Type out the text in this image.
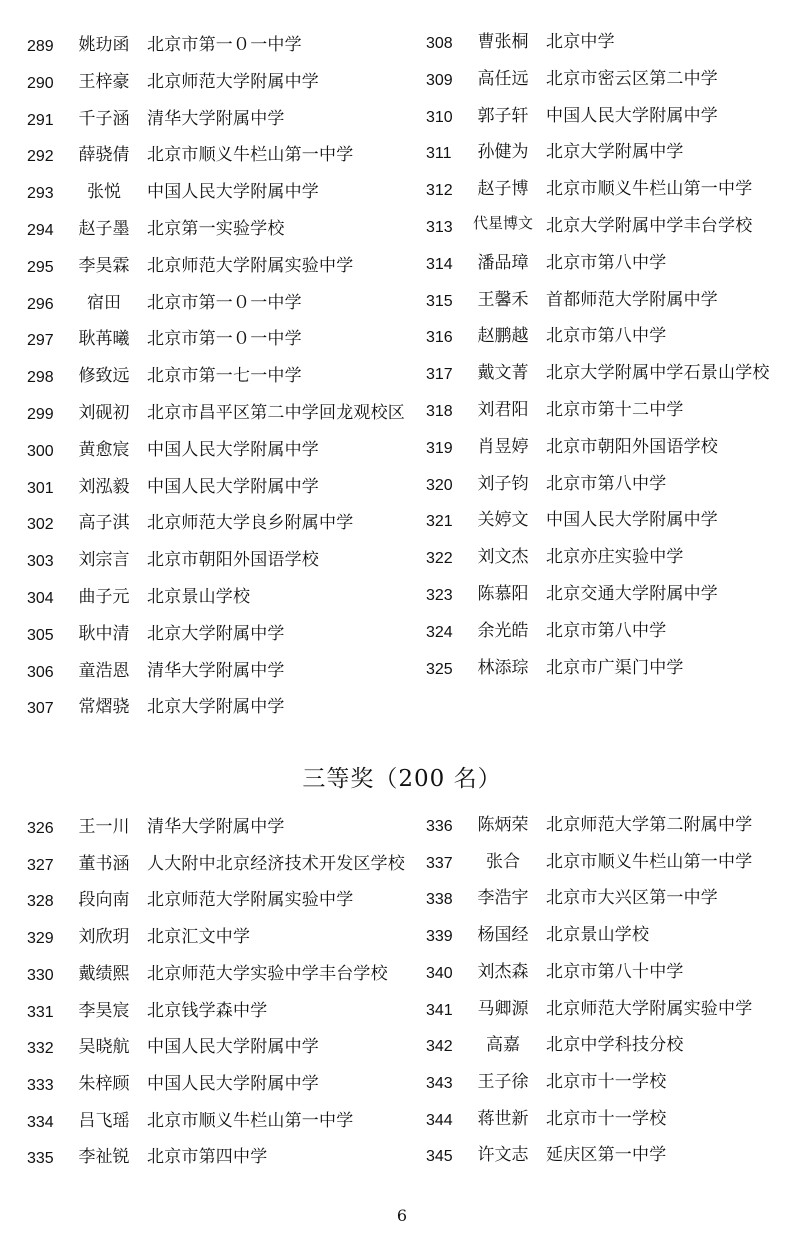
289	姚玏函 北京市第一０一中学
290	王梓豪 北京师范大学附属中学
291	千子涵 清华大学附属中学
292	薛骁倩 北京市顺义牛栏山第一中学
293	张悦	中国人民大学附属中学
294	赵子墨 北京第一实验学校
295	李昊霖 北京师范大学附属实验中学
296	宿田	北京市第一０一中学
297	耿苒曦 北京市第一０一中学
298	修致远 北京市第一七一中学
299	刘砚初 北京市昌平区第二中学回龙观校区
300	黄愈宸 中国人民大学附属中学
301	刘泓毅 中国人民大学附属中学
302	高子淇 北京师范大学良乡附属中学
303	刘宗言 北京市朝阳外国语学校
304	曲子元 北京景山学校
305	耿中清 北京大学附属中学
306	童浩恩 清华大学附属中学
307	常熠骁 北京大学附属中学
308	曹张桐 北京中学
309	高任远 北京市密云区第二中学
310	郭子轩 中国人民大学附属中学
311	孙健为 北京大学附属中学
312	赵子博 北京市顺义牛栏山第一中学
313	代星博文 北京大学附属中学丰台学校
314	潘品璋 北京市第八中学
315	王馨禾 首都师范大学附属中学
316	赵鹏越 北京市第八中学
317	戴文菁 北京大学附属中学石景山学校
318	刘君阳 北京市第十二中学
319	肖昱婷 北京市朝阳外国语学校
320	刘子钧 北京市第八中学
321	关婷文 中国人民大学附属中学
322	刘文杰 北京亦庄实验中学
323	陈慕阳 北京交通大学附属中学
324	余光皓 北京市第八中学
325	林添琮 北京市广渠门中学
三等奖（200 名）
326	王一川 清华大学附属中学
327	董书涵 人大附中北京经济技术开发区学校
328	段向南 北京师范大学附属实验中学
329	刘欣玥 北京汇文中学
330	戴绩熙 北京师范大学实验中学丰台学校
331	李昊宸 北京钱学森中学
332	吴晓航 中国人民大学附属中学
333	朱梓顾 中国人民大学附属中学
334	吕飞瑶 北京市顺义牛栏山第一中学
335	李祉锐 北京市第四中学
336	陈炳荣 北京师范大学第二附属中学
337	张合	北京市顺义牛栏山第一中学
338	李浩宇 北京市大兴区第一中学
339	杨国经 北京景山学校
340	刘杰森 北京市第八十中学
341	马卿源 北京师范大学附属实验中学
342	高嘉	北京中学科技分校
343	王子徐 北京市十一学校
344	蒋世新 北京市十一学校
345	许文志 延庆区第一中学
6
